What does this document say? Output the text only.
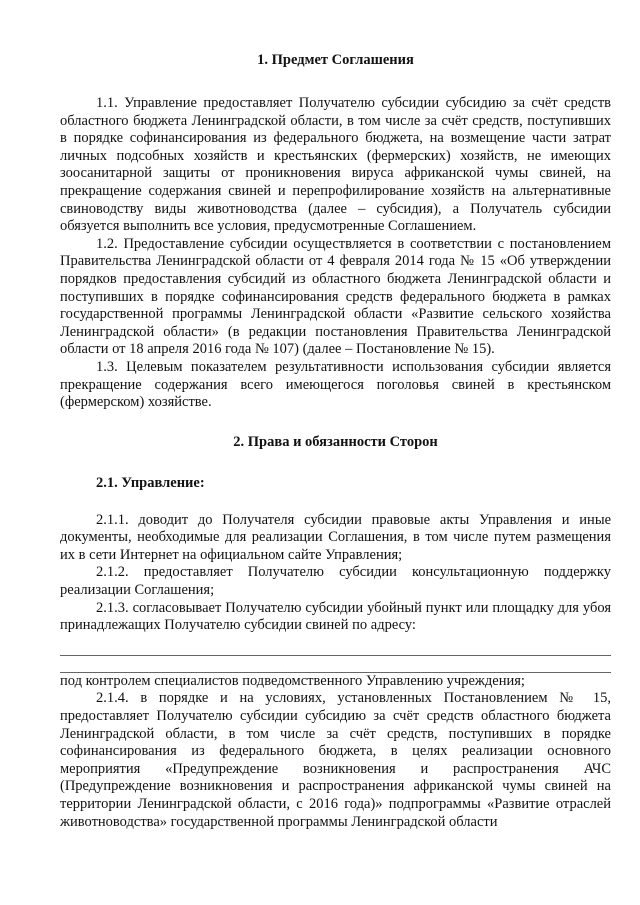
1. Предмет Соглашения

1.1. Управление предоставляет Получателю субсидии субсидию за счёт средств областного бюджета Ленинградской области, в том числе за счёт средств, поступивших в порядке софинансирования из федерального бюджета, на возмещение части затрат личных подсобных хозяйств и крестьянских (фермерских) хозяйств, не имеющих зоосанитарной защиты от проникновения вируса африканской чумы свиней, на прекращение содержания свиней и перепрофилирование хозяйств на альтернативные свиноводству виды животноводства (далее – субсидия), а Получатель субсидии обязуется выполнить все условия, предусмотренные Соглашением.

1.2. Предоставление субсидии осуществляется в соответствии с постановлением Правительства Ленинградской области от 4 февраля 2014 года № 15 «Об утверждении порядков предоставления субсидий из областного бюджета Ленинградской области и поступивших в порядке софинансирования средств федерального бюджета в рамках государственной программы Ленинградской области «Развитие сельского хозяйства Ленинградской области» (в редакции постановления Правительства Ленинградской области от 18 апреля 2016 года № 107) (далее – Постановление № 15).

1.3. Целевым показателем результативности использования субсидии является прекращение содержания всего имеющегося поголовья свиней в крестьянском (фермерском) хозяйстве.

2. Права и обязанности Сторон
2.1. Управление:

2.1.1. доводит до Получателя субсидии правовые акты Управления и иные документы, необходимые для реализации Соглашения, в том числе путем размещения их в сети Интернет на официальном сайте Управления;

2.1.2. предоставляет Получателю субсидии консультационную поддержку реализации Соглашения;

2.1.3. согласовывает Получателю субсидии убойный пункт или площадку для убоя принадлежащих Получателю субсидии свиней по адресу:

под контролем специалистов подведомственного Управлению учреждения;

2.1.4. в порядке и на условиях, установленных Постановлением № 15, предоставляет Получателю субсидии субсидию за счёт средств областного бюджета Ленинградской области, в том числе за счёт средств, поступивших в порядке софинансирования из федерального бюджета, в целях реализации основного мероприятия «Предупреждение возникновения и распространения АЧС (Предупреждение возникновения и распространения африканской чумы свиней на территории Ленинградской области, с 2016 года)» подпрограммы «Развитие отраслей животноводства» государственной программы Ленинградской области
